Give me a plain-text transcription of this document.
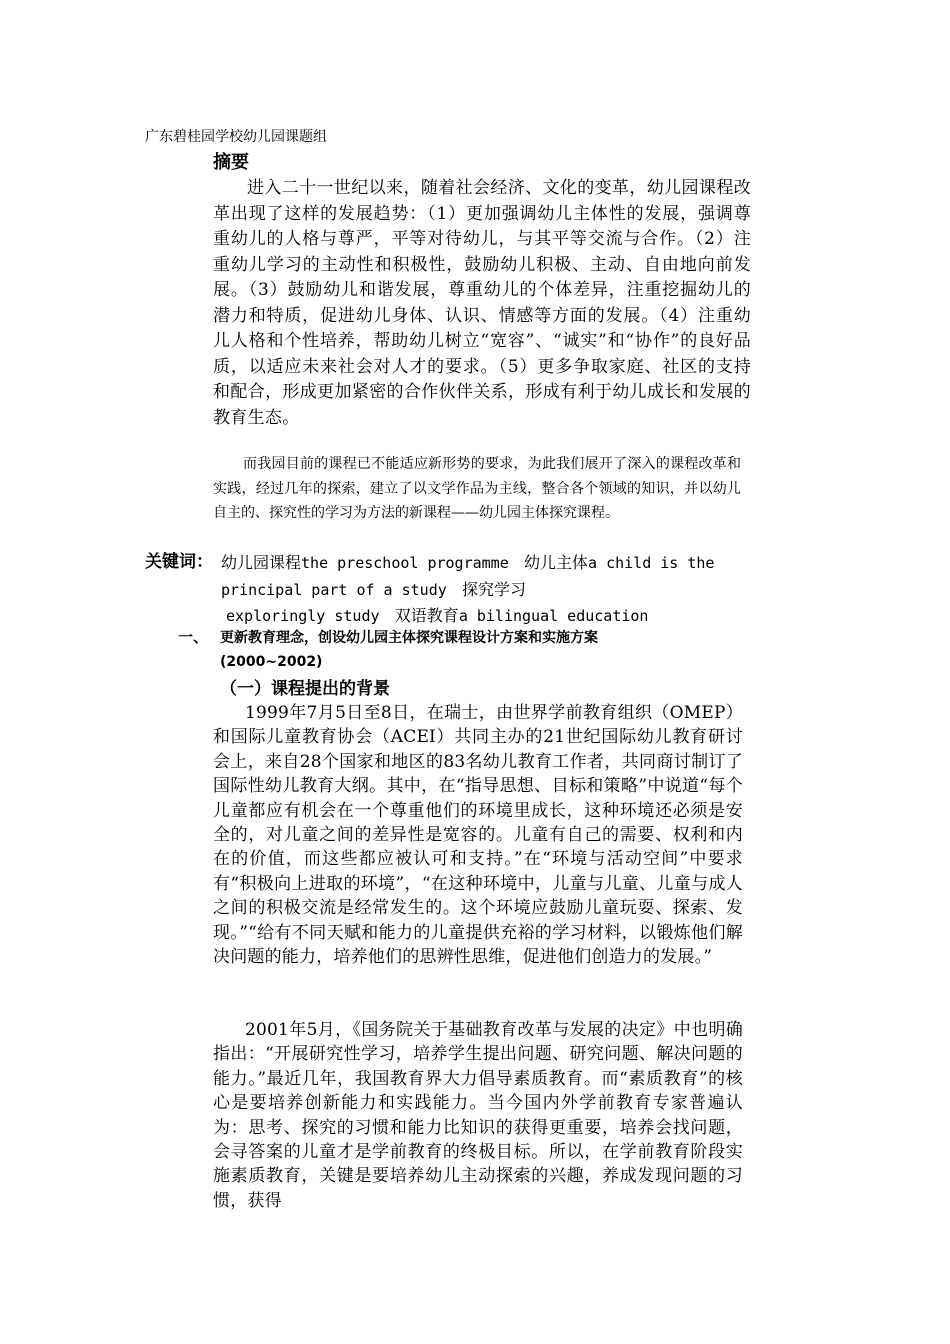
广东碧桂园学校幼儿园课题组
摘要

进入二十一世纪以来，随着社会经济、文化的变革，幼儿园课程改革出现了这样的发展趋势：（1）更加强调幼儿主体性的发展，强调尊重幼儿的人格与尊严，平等对待幼儿，与其平等交流与合作。（2）注重幼儿学习的主动性和积极性，鼓励幼儿积极、主动、自由地向前发展。（3）鼓励幼儿和谐发展，尊重幼儿的个体差异，注重挖掘幼儿的潜力和特质，促进幼儿身体、认识、情感等方面的发展。（4）注重幼儿人格和个性培养，帮助幼儿树立“宽容”、“诚实”和“协作”的良好品质，以适应未来社会对人才的要求。（5）更多争取家庭、社区的支持和配合，形成更加紧密的合作伙伴关系，形成有利于幼儿成长和发展的教育生态。

而我园目前的课程已不能适应新形势的要求，为此我们展开了深入的课程改革和实践，经过几年的探索，建立了以文学作品为主线，整合各个领域的知识，并以幼儿自主的、探究性的学习为方法的新课程——幼儿园主体探究课程。

关键词： 幼儿园课程the preschool programme 幼儿主体a child is the principal part of a study 探究学习
exploringly study 双语教育a bilingual education
一、 更新教育理念，创设幼儿园主体探究课程设计方案和实施方案
(2000~2002)
（一）课程提出的背景

1999年7月5日至8日，在瑞士，由世界学前教育组织（OMEP）和国际儿童教育协会（ACEI）共同主办的21世纪国际幼儿教育研讨会上，来自28个国家和地区的83名幼儿教育工作者，共同商讨制订了国际性幼儿教育大纲。其中，在“指导思想、目标和策略”中说道“每个儿童都应有机会在一个尊重他们的环境里成长，这种环境还必须是安全的，对儿童之间的差异性是宽容的。儿童有自己的需要、权利和内在的价值，而这些都应被认可和支持。”在“环境与活动空间”中要求有“积极向上进取的环境”，“在这种环境中，儿童与儿童、儿童与成人之间的积极交流是经常发生的。这个环境应鼓励儿童玩耍、探索、发现。”“给有不同天赋和能力的儿童提供充裕的学习材料，以锻炼他们解决问题的能力，培养他们的思辨性思维，促进他们创造力的发展。”

2001年5月，《国务院关于基础教育改革与发展的决定》中也明确指出：“开展研究性学习，培养学生提出问题、研究问题、解决问题的能力。”最近几年，我国教育界大力倡导素质教育。而“素质教育”的核心是要培养创新能力和实践能力。当今国内外学前教育专家普遍认为：思考、探究的习惯和能力比知识的获得更重要，培养会找问题，会寻答案的儿童才是学前教育的终极目标。所以，在学前教育阶段实施素质教育，关键是要培养幼儿主动探索的兴趣，养成发现问题的习惯，获得
